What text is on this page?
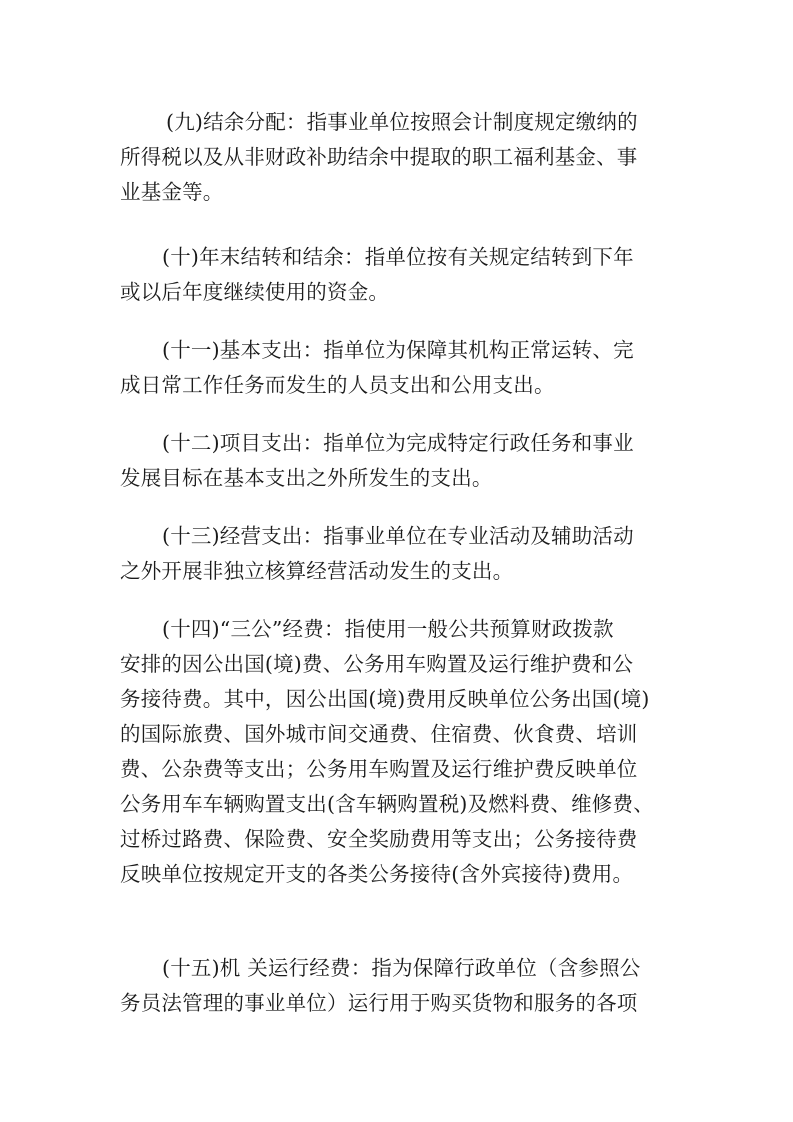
(九)结余分配：指事业单位按照会计制度规定缴纳的
所得税以及从非财政补助结余中提取的职工福利基金、事
业基金等。
(十)年末结转和结余：指单位按有关规定结转到下年
或以后年度继续使用的资金。
(十一)基本支出：指单位为保障其机构正常运转、完
成日常工作任务而发生的人员支出和公用支出。
(十二)项目支出：指单位为完成特定行政任务和事业
发展目标在基本支出之外所发生的支出。
(十三)经营支出：指事业单位在专业活动及辅助活动
之外开展非独立核算经营活动发生的支出。
(十四)“三公”经费：指使用一般公共预算财政拨款
安排的因公出国(境)费、公务用车购置及运行维护费和公
务接待费。其中，因公出国(境)费用反映单位公务出国(境)
的国际旅费、国外城市间交通费、住宿费、伙食费、培训
费、公杂费等支出；公务用车购置及运行维护费反映单位
公务用车车辆购置支出(含车辆购置税)及燃料费、维修费、
过桥过路费、保险费、安全奖励费用等支出；公务接待费
反映单位按规定开支的各类公务接待(含外宾接待)费用。
(十五)机 关运行经费：指为保障行政单位（含参照公
务员法管理的事业单位）运行用于购买货物和服务的各项
